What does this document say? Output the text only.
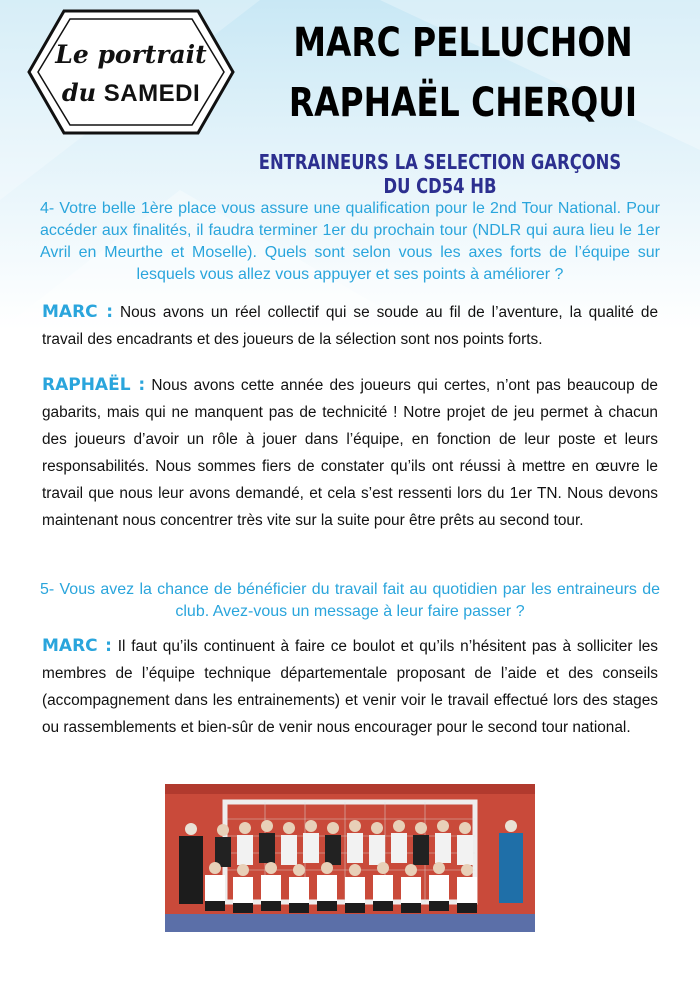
Le portrait
du SAMEDI
MARC PELLUCHON
RAPHAËL CHERQUI
ENTRAINEURS LA SELECTION GARÇONS DU CD54 HB
4- Votre belle 1ère place vous assure une qualification pour le 2nd Tour National. Pour accéder aux finalités, il faudra terminer 1er du prochain tour (NDLR qui aura lieu le 1er Avril en Meurthe et Moselle). Quels sont selon vous les axes forts de l’équipe sur lesquels vous allez vous appuyer et ses points à améliorer ?
MARC : Nous avons un réel collectif qui se soude au fil de l’aventure, la qualité de travail des encadrants et des joueurs de la sélection sont nos points forts.
RAPHAËL : Nous avons cette année des joueurs qui certes, n’ont pas beaucoup de gabarits, mais qui ne manquent pas de technicité ! Notre projet de jeu permet à chacun des joueurs d’avoir un rôle à jouer dans l’équipe, en fonction de leur poste et leurs responsabilités. Nous sommes fiers de constater qu’ils ont réussi à mettre en œuvre le travail que nous leur avons demandé, et cela s’est ressenti lors du 1er TN. Nous devons maintenant nous concentrer très vite sur la suite pour être prêts au second tour.
5- Vous avez la chance de bénéficier du travail fait au quotidien par les entraineurs de club. Avez-vous un message à leur faire passer ?
MARC : Il faut qu’ils continuent à faire ce boulot et qu’ils n’hésitent pas à solliciter les membres de l’équipe technique départementale proposant de l’aide et des conseils (accompagnement dans les entrainements) et venir voir le travail effectué lors des stages ou rassemblements et bien-sûr de venir nous encourager pour le second tour national.
